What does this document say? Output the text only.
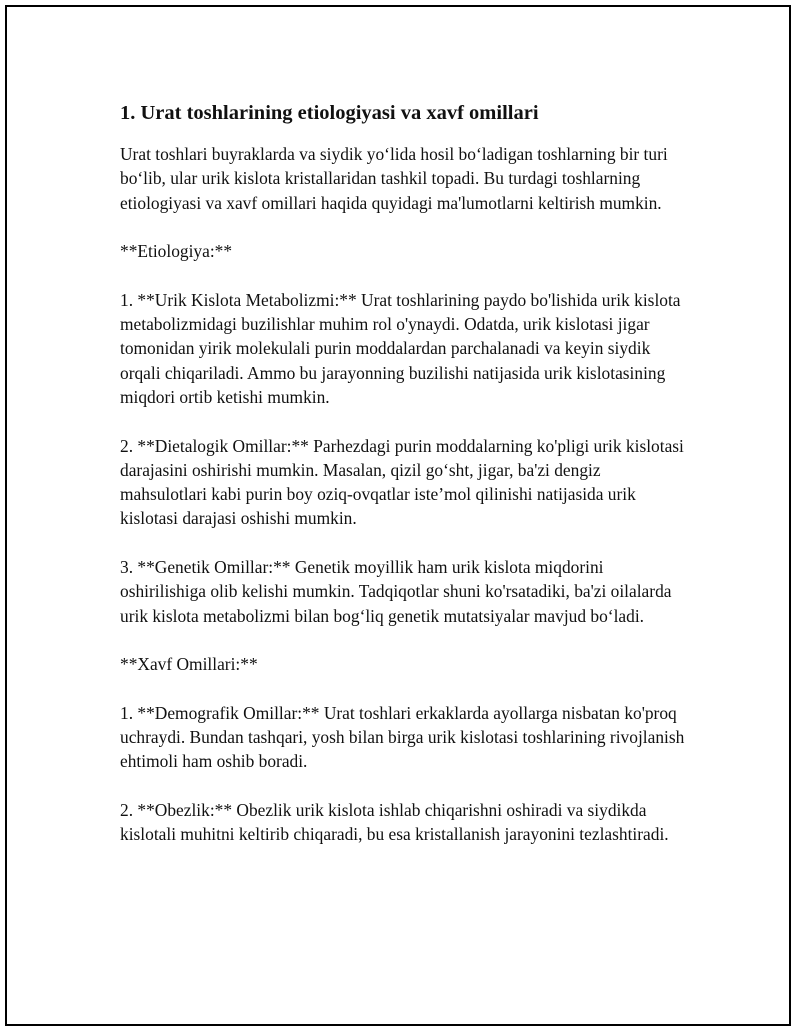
1. Urat toshlarining etiologiyasi va xavf omillari

Urat toshlari buyraklarda va siydik yo‘lida hosil bo‘ladigan toshlarning bir turi bo‘lib, ular urik kislota kristallaridan tashkil topadi. Bu turdagi toshlarning etiologiyasi va xavf omillari haqida quyidagi ma'lumotlarni keltirish mumkin.

**Etiologiya:**

1. **Urik Kislota Metabolizmi:** Urat toshlarining paydo bo'lishida urik kislota metabolizmidagi buzilishlar muhim rol o'ynaydi. Odatda, urik kislotasi jigar tomonidan yirik molekulali purin moddalardan parchalanadi va keyin siydik orqali chiqariladi. Ammo bu jarayonning buzilishi natijasida urik kislotasining miqdori ortib ketishi mumkin.

2. **Dietalogik Omillar:** Parhezdagi purin moddalarning ko'pligi urik kislotasi darajasini oshirishi mumkin. Masalan, qizil go‘sht, jigar, ba'zi dengiz mahsulotlari kabi purin boy oziq-ovqatlar iste’mol qilinishi natijasida urik kislotasi darajasi oshishi mumkin.

3. **Genetik Omillar:** Genetik moyillik ham urik kislota miqdorini oshirilishiga olib kelishi mumkin. Tadqiqotlar shuni ko'rsatadiki, ba'zi oilalarda urik kislota metabolizmi bilan bog‘liq genetik mutatsiyalar mavjud bo‘ladi.

**Xavf Omillari:**

1. **Demografik Omillar:** Urat toshlari erkaklarda ayollarga nisbatan ko'proq uchraydi. Bundan tashqari, yosh bilan birga urik kislotasi toshlarining rivojlanish ehtimoli ham oshib boradi.

2. **Obezlik:** Obezlik urik kislota ishlab chiqarishni oshiradi va siydikda kislotali muhitni keltirib chiqaradi, bu esa kristallanish jarayonini tezlashtiradi.
